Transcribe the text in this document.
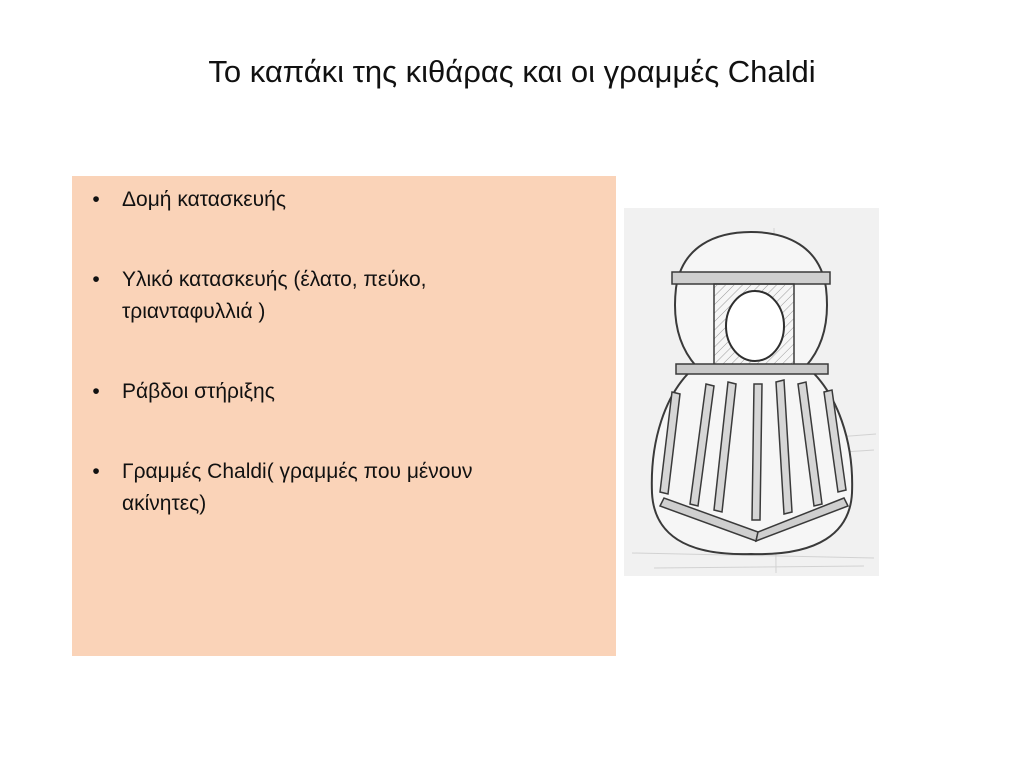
Το καπάκι της κιθάρας και οι γραμμές Chaldi
•	Δομή κατασκευής
•	Υλικό κατασκευής (έλατο, πεύκο, τριανταφυλλιά )
•	Ράβδοι στήριξης
•	Γραμμές Chaldi( γραμμές που μένουν ακίνητες)
